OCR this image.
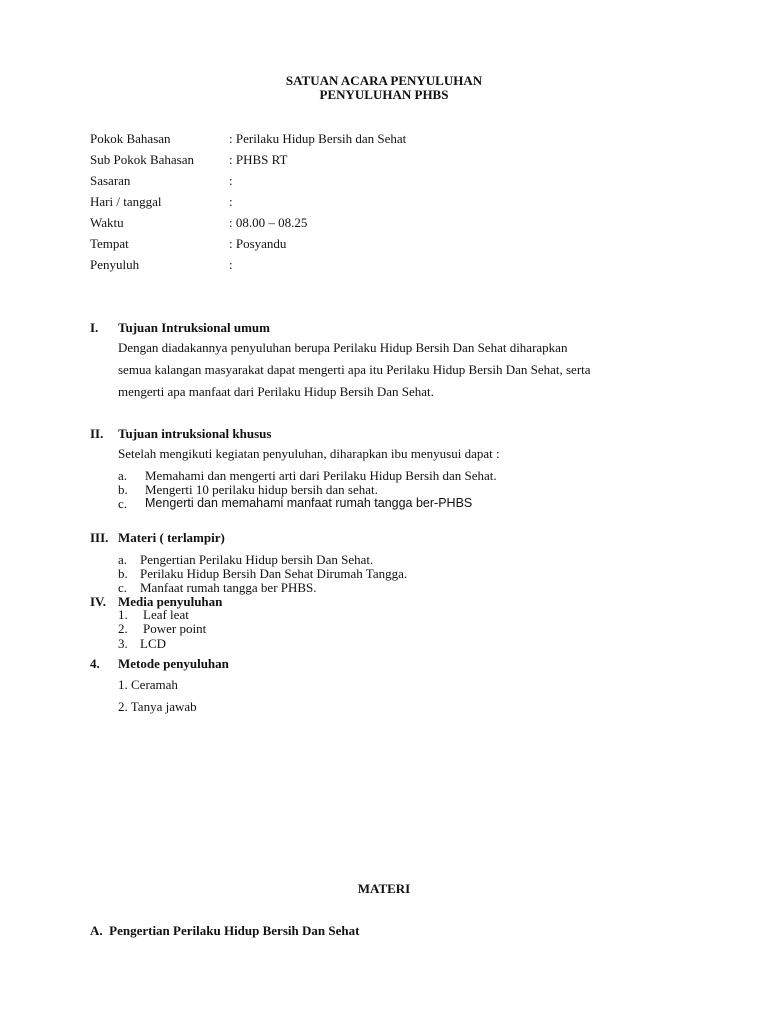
SATUAN ACARA PENYULUHAN
PENYULUHAN PHBS
Pokok Bahasan	: Perilaku Hidup Bersih dan Sehat
Sub Pokok Bahasan	: PHBS RT
Sasaran	:
Hari / tanggal	:
Waktu	: 08.00 – 08.25
Tempat	: Posyandu
Penyuluh	:
I. Tujuan Intruksional umum
Dengan diadakannya penyuluhan berupa Perilaku Hidup Bersih Dan Sehat diharapkan
semua kalangan masyarakat dapat mengerti apa itu Perilaku Hidup Bersih Dan Sehat, serta
mengerti apa manfaat dari Perilaku Hidup Bersih Dan Sehat.
II. Tujuan intruksional khusus
Setelah mengikuti kegiatan penyuluhan, diharapkan ibu menyusui dapat :
a. Memahami dan mengerti arti dari Perilaku Hidup Bersih dan Sehat.
b. Mengerti 10 perilaku hidup bersih dan sehat.
c. Mengerti dan memahami manfaat rumah tangga ber-PHBS
III. Materi ( terlampir)
a. Pengertian Perilaku Hidup bersih Dan Sehat.
b. Perilaku Hidup Bersih Dan Sehat Dirumah Tangga.
c. Manfaat rumah tangga ber PHBS.
IV. Media penyuluhan
1. Leaf leat
2. Power point
3. LCD
4. Metode penyuluhan
1. Ceramah
2. Tanya jawab
MATERI
A.  Pengertian Perilaku Hidup Bersih Dan Sehat
